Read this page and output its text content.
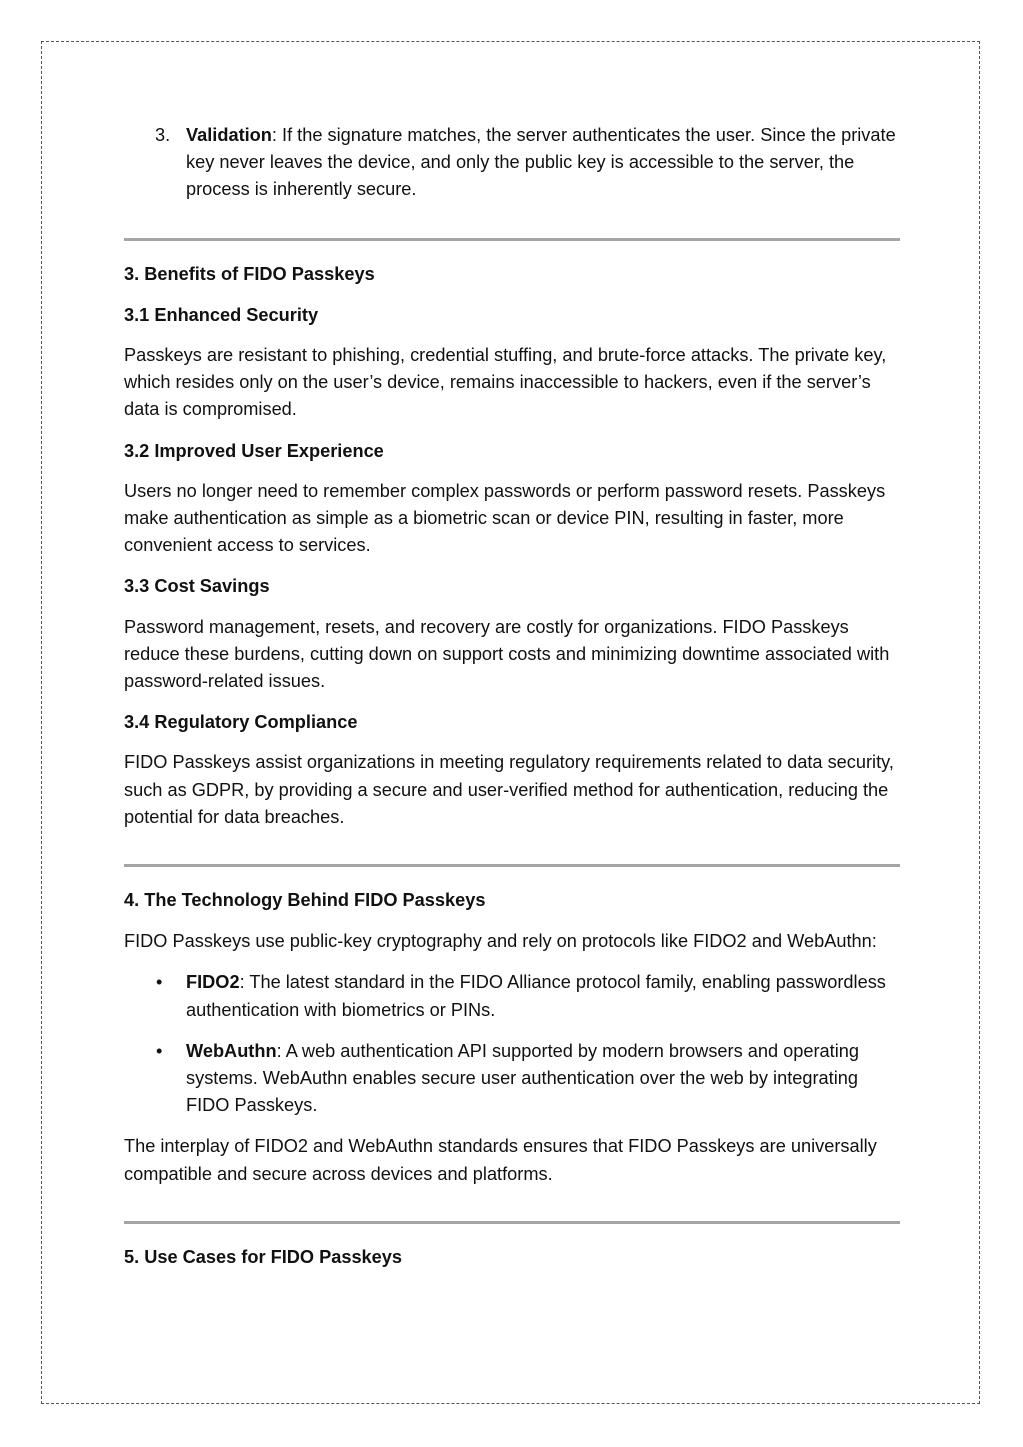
3. Validation: If the signature matches, the server authenticates the user. Since the private key never leaves the device, and only the public key is accessible to the server, the process is inherently secure.
3. Benefits of FIDO Passkeys
3.1 Enhanced Security

Passkeys are resistant to phishing, credential stuffing, and brute-force attacks. The private key, which resides only on the user’s device, remains inaccessible to hackers, even if the server’s data is compromised.

3.2 Improved User Experience

Users no longer need to remember complex passwords or perform password resets. Passkeys make authentication as simple as a biometric scan or device PIN, resulting in faster, more convenient access to services.

3.3 Cost Savings

Password management, resets, and recovery are costly for organizations. FIDO Passkeys reduce these burdens, cutting down on support costs and minimizing downtime associated with password-related issues.

3.4 Regulatory Compliance

FIDO Passkeys assist organizations in meeting regulatory requirements related to data security, such as GDPR, by providing a secure and user-verified method for authentication, reducing the potential for data breaches.

4. The Technology Behind FIDO Passkeys

FIDO Passkeys use public-key cryptography and rely on protocols like FIDO2 and WebAuthn:

• FIDO2: The latest standard in the FIDO Alliance protocol family, enabling passwordless authentication with biometrics or PINs.
• WebAuthn: A web authentication API supported by modern browsers and operating systems. WebAuthn enables secure user authentication over the web by integrating FIDO Passkeys.

The interplay of FIDO2 and WebAuthn standards ensures that FIDO Passkeys are universally compatible and secure across devices and platforms.

5. Use Cases for FIDO Passkeys
